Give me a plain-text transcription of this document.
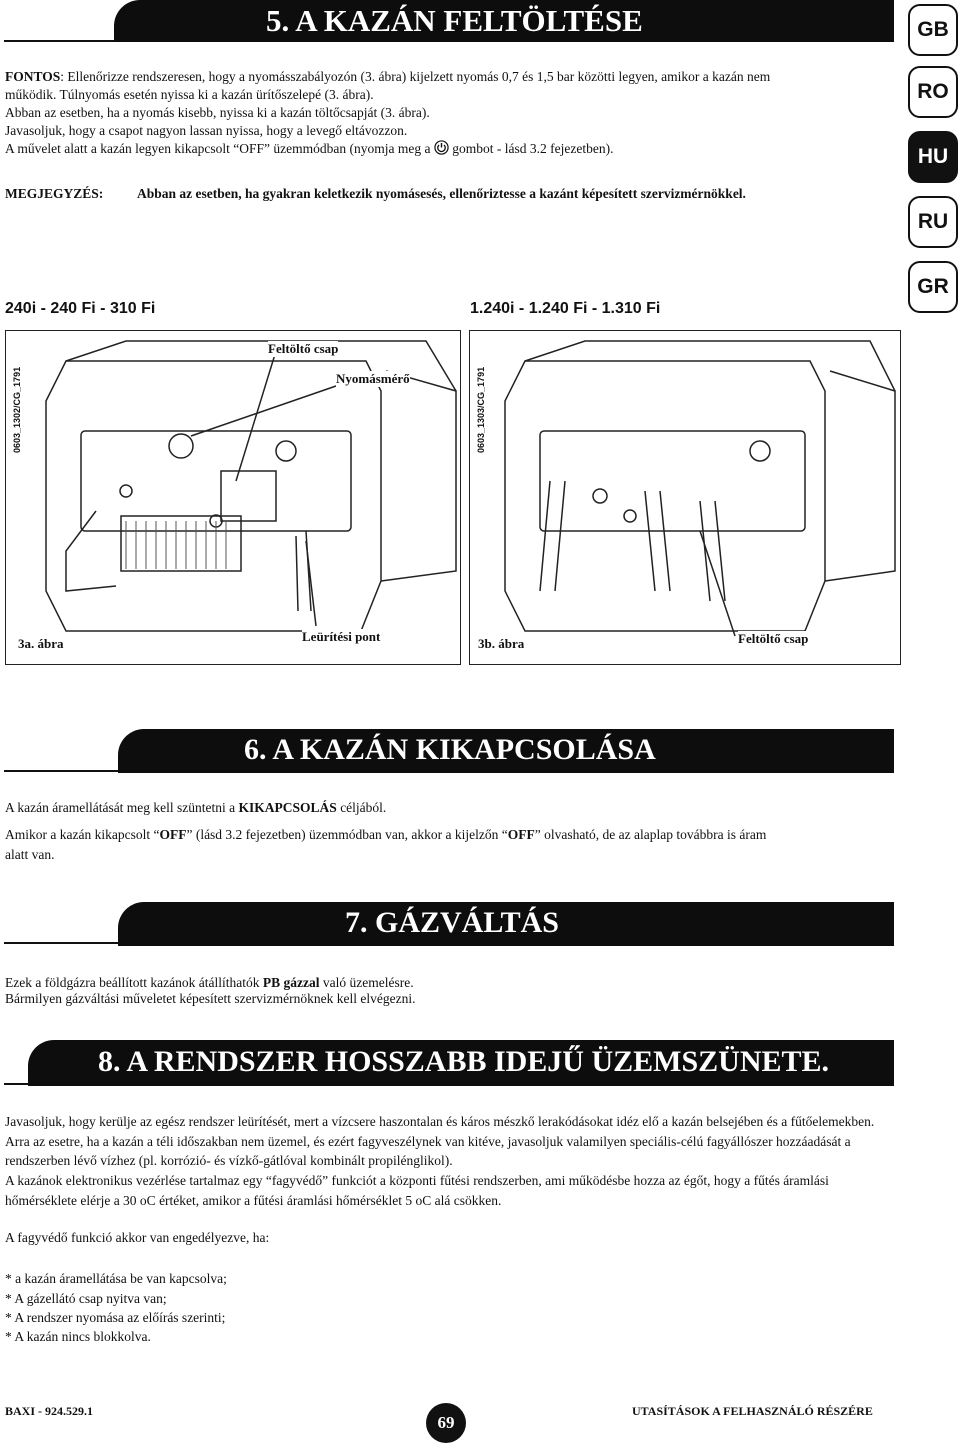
GB
RO
HU
RU
GR
5. A KAZÁN FELTÖLTÉSE
FONTOS: Ellenőrizze rendszeresen, hogy a nyomásszabályozón (3. ábra) kijelzett nyomás 0,7 és 1,5 bar közötti legyen, amikor a kazán nem
működik. Túlnyomás esetén nyissa ki a kazán ürítőszelepé (3. ábra).
Abban az esetben, ha a nyomás kisebb, nyissa ki a kazán töltőcsapját (3. ábra).
Javasoljuk, hogy a csapot nagyon lassan nyissa, hogy a levegő eltávozzon.
A művelet alatt a kazán legyen kikapcsolt “OFF” üzemmódban (nyomja meg a gombot - lásd 3.2 fejezetben).
MEGJEGYZÉS: Abban az esetben, ha gyakran keletkezik nyomásesés, ellenőriztesse a kazánt képesített szervizmérnökkel.
240i - 240 Fi - 310 Fi	1.240i - 1.240 Fi - 1.310 Fi
0603_1302/CG_1791
Feltöltő csap
Nyomásmérő
Leürítési pont
3a. ábra
0603_1303/CG_1791
Feltöltő csap
3b. ábra
6. A KAZÁN KIKAPCSOLÁSA
A kazán áramellátását meg kell szüntetni a KIKAPCSOLÁS céljából.
Amikor a kazán kikapcsolt “OFF” (lásd 3.2 fejezetben) üzemmódban van, akkor a kijelzőn “OFF” olvasható, de az alaplap továbbra is áram
alatt van.
7. GÁZVÁLTÁS
Ezek a földgázra beállított kazánok átállíthatók PB gázzal való üzemelésre.
Bármilyen gázváltási műveletet képesített szervizmérnöknek kell elvégezni.
8. A RENDSZER HOSSZABB IDEJŰ ÜZEMSZÜNETE.
Javasoljuk, hogy kerülje az egész rendszer leürítését, mert a vízcsere haszontalan és káros mészkő lerakódásokat idéz elő a kazán belsejében és a fűtőelemekben. Arra az esetre, ha a kazán a téli időszakban nem üzemel, és ezért fagyveszélynek van kitéve, javasoljuk valamilyen speciális-célú fagyállószer hozzáadását a rendszerben lévő vízhez (pl. korrózió- és vízkő-gátlóval kombinált propilénglikol).
A kazánok elektronikus vezérlése tartalmaz egy “fagyvédő” funkciót a központi fűtési rendszerben, ami működésbe hozza az égőt, hogy a fűtés áramlási hőmérséklete elérje a 30 oC értéket, amikor a fűtési áramlási hőmérséklet 5 oC alá csökken.
A fagyvédő funkció akkor van engedélyezve, ha:
* a kazán áramellátása be van kapcsolva;
* A gázellátó csap nyitva van;
* A rendszer nyomása az előírás szerinti;
* A kazán nincs blokkolva.
BAXI - 924.529.1
69
UTASÍTÁSOK A FELHASZNÁLÓ RÉSZÉRE
